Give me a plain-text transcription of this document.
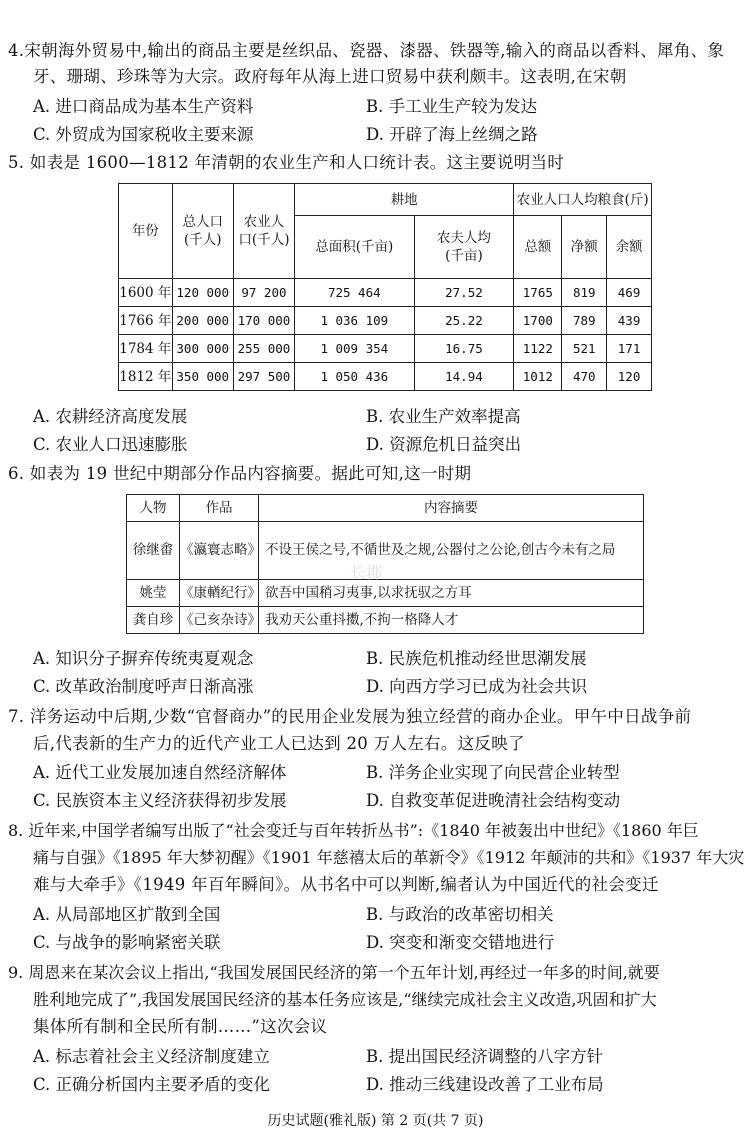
4.宋朝海外贸易中,输出的商品主要是丝织品、瓷器、漆器、铁器等,输入的商品以香料、犀角、象
牙、珊瑚、珍珠等为大宗。政府每年从海上进口贸易中获利颇丰。这表明,在宋朝
A. 进口商品成为基本生产资料	B. 手工业生产较为发达
C. 外贸成为国家税收主要来源	D. 开辟了海上丝绸之路
5. 如表是 1600—1812 年清朝的农业生产和人口统计表。这主要说明当时
年份	总人口(千人)	农业人口(千人)	耕地		农业人口人均粮食(斤)		
			总面积(千亩)	农夫人均(千亩)	总额	净额	余额
1600 年	120 000	97 200	725 464	27.52	1765	819	469
1766 年	200 000	170 000	1 036 109	25.22	1700	789	439
1784 年	300 000	255 000	1 009 354	16.75	1122	521	171
1812 年	350 000	297 500	1 050 436	14.94	1012	470	120
A. 农耕经济高度发展	B. 农业生产效率提高
C. 农业人口迅速膨胀	D. 资源危机日益突出
6. 如表为 19 世纪中期部分作品内容摘要。据此可知,这一时期
人物	作品	内容摘要
徐继畬	《瀛寰志略》	不设王侯之号,不循世及之规,公器付之公论,创古今未有之局
姚莹	《康輶纪行》	欲吾中国稍习夷事,以求抚驭之方耳
龚自珍	《己亥杂诗》	我劝天公重抖擞,不拘一格降人才
长郡
A. 知识分子摒弃传统夷夏观念	B. 民族危机推动经世思潮发展
C. 改革政治制度呼声日渐高涨	D. 向西方学习已成为社会共识
7. 洋务运动中后期,少数“官督商办”的民用企业发展为独立经营的商办企业。甲午中日战争前
后,代表新的生产力的近代产业工人已达到 20 万人左右。这反映了
A. 近代工业发展加速自然经济解体	B. 洋务企业实现了向民营企业转型
C. 民族资本主义经济获得初步发展	D. 自救变革促进晚清社会结构变动
8. 近年来,中国学者编写出版了“社会变迁与百年转折丛书”:《1840 年被轰出中世纪》《1860 年巨
痛与自强》《1895 年大梦初醒》《1901 年慈禧太后的革新令》《1912 年颠沛的共和》《1937 年大灾
难与大牵手》《1949 年百年瞬间》。从书名中可以判断,编者认为中国近代的社会变迁
A. 从局部地区扩散到全国	B. 与政治的改革密切相关
C. 与战争的影响紧密关联	D. 突变和渐变交错地进行
9. 周恩来在某次会议上指出,“我国发展国民经济的第一个五年计划,再经过一年多的时间,就要
胜利地完成了”,我国发展国民经济的基本任务应该是,“继续完成社会主义改造,巩固和扩大
集体所有制和全民所有制……”这次会议
A. 标志着社会主义经济制度建立	B. 提出国民经济调整的八字方针
C. 正确分析国内主要矛盾的变化	D. 推动三线建设改善了工业布局
历史试题(雅礼版) 第 2 页(共 7 页)
